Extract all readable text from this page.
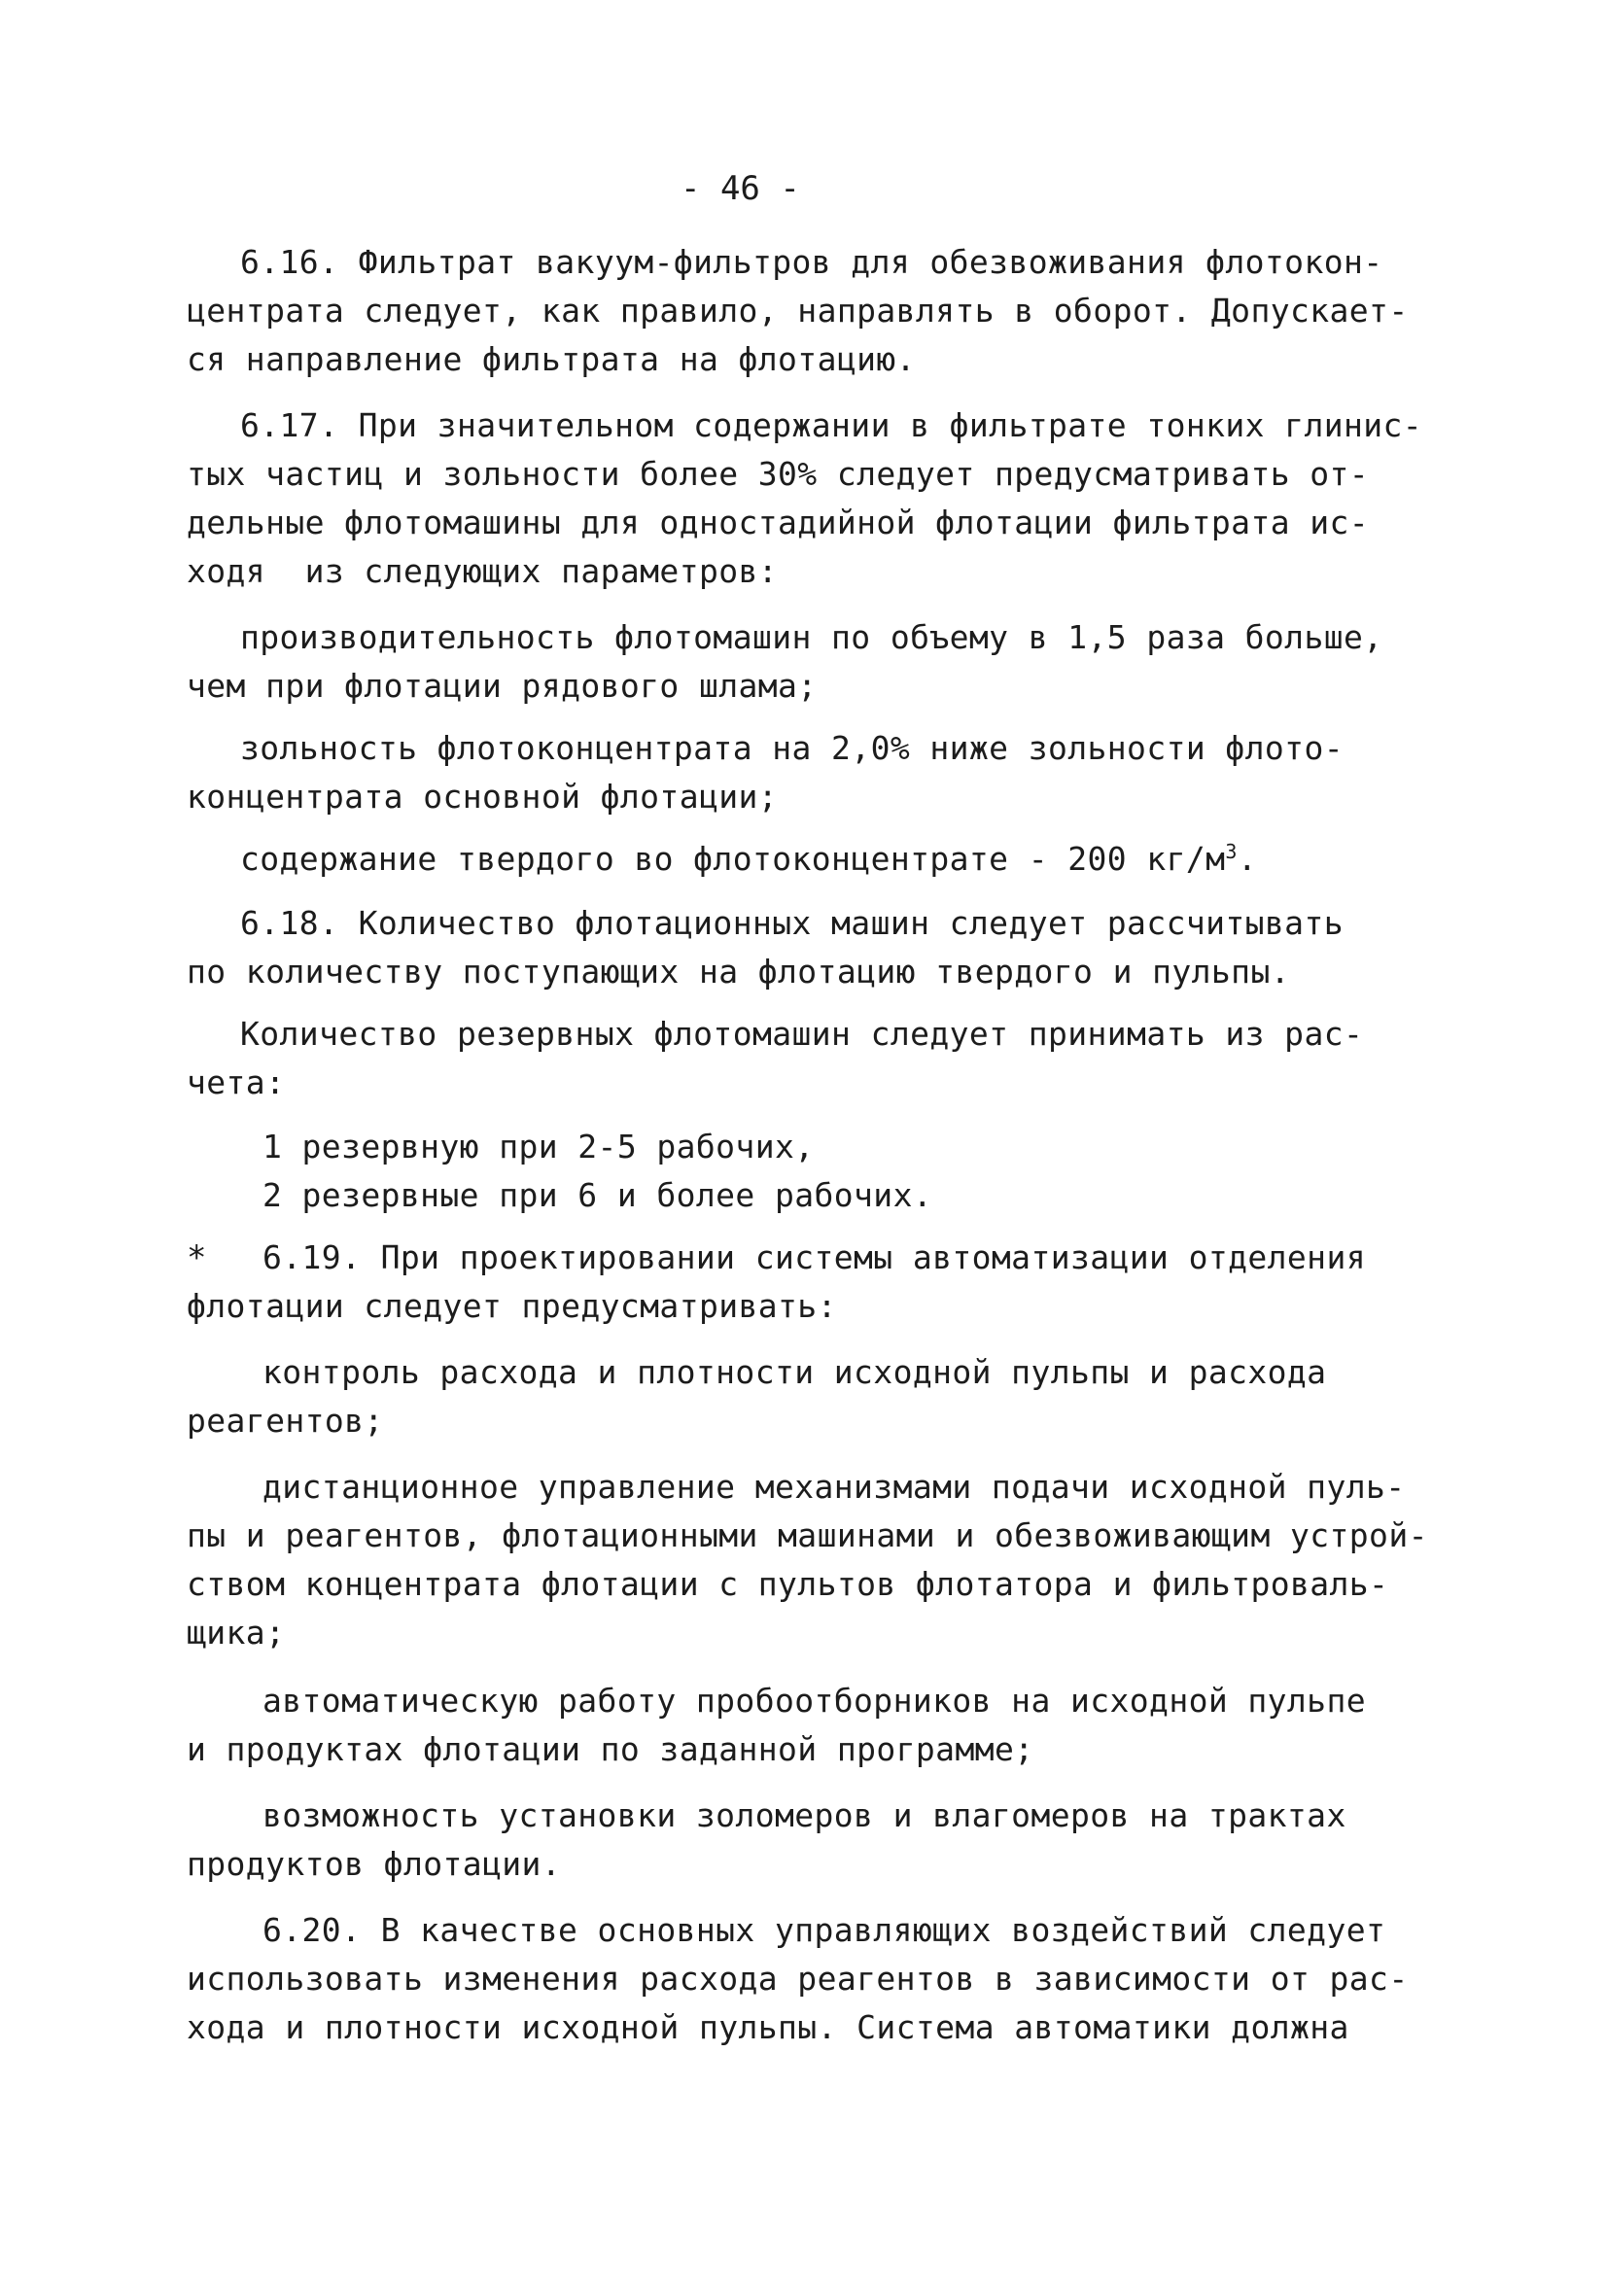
- 46 -
6.16. Фильтрат вакуум-фильтров для обезвоживания флотокон-
центрата следует, как правило, направлять в оборот. Допускает-
ся направление фильтрата на флотацию.
6.17. При значительном содержании в фильтрате тонких глинис-
тых частиц и зольности более 30% следует предусматривать от-
дельные флотомашины для одностадийной флотации фильтрата ис-
ходя  из следующих параметров:
производительность флотомашин по объему в 1,5 раза больше,
чем при флотации рядового шлама;
зольность флотоконцентрата на 2,0% ниже зольности флото-
концентрата основной флотации;
содержание твердого во флотоконцентрате - 200 $кг/м^3$.
6.18. Количество флотационных машин следует рассчитывать
по количеству поступающих на флотацию твердого и пульпы.
Количество резервных флотомашин следует принимать из рас-
чета:
1 резервную при 2-5 рабочих,
2 резервные при 6 и более рабочих.
* 6.19. При проектировании системы автоматизации отделения
флотации следует предусматривать:
контроль расхода и плотности исходной пульпы и расхода
реагентов;
дистанционное управление механизмами подачи исходной пуль-
пы и реагентов, флотационными машинами и обезвоживающим устрой-
ством концентрата флотации с пультов флотатора и фильтроваль-
щика;
автоматическую работу пробоотборников на исходной пульпе
и продуктах флотации по заданной программе;
возможность установки золомеров и влагомеров на трактах
продуктов флотации.
6.20. В качестве основных управляющих воздействий следует
использовать изменения расхода реагентов в зависимости от рас-
хода и плотности исходной пульпы. Система автоматики должна
